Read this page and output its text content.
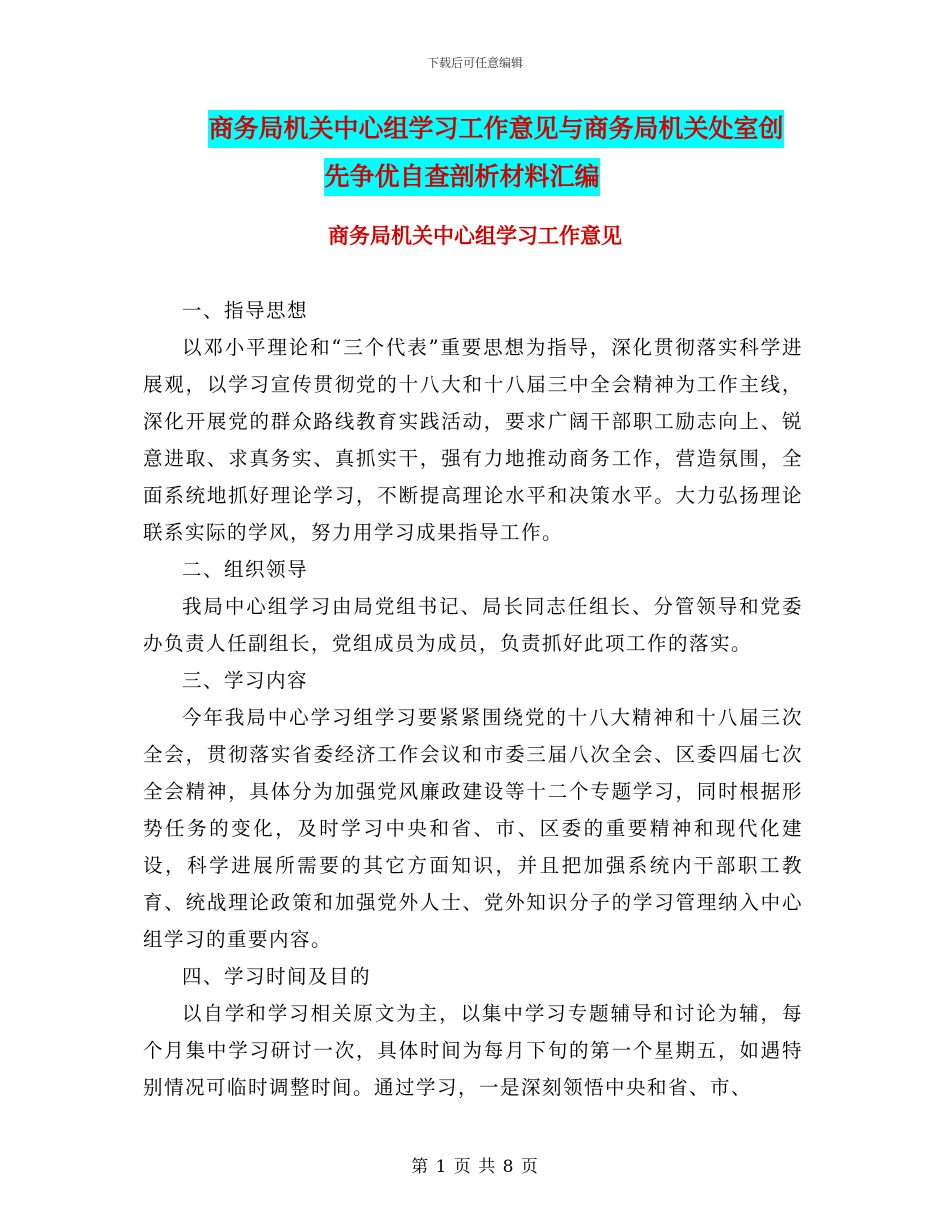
下载后可任意编辑
商务局机关中心组学习工作意见与商务局机关处室创
先争优自查剖析材料汇编
商务局机关中心组学习工作意见

一、指导思想

以邓小平理论和“三个代表”重要思想为指导，深化贯彻落实科学进展观，以学习宣传贯彻党的十八大和十八届三中全会精神为工作主线，深化开展党的群众路线教育实践活动，要求广阔干部职工励志向上、锐意进取、求真务实、真抓实干，强有力地推动商务工作，营造氛围，全面系统地抓好理论学习，不断提高理论水平和决策水平。大力弘扬理论联系实际的学风，努力用学习成果指导工作。

二、组织领导

我局中心组学习由局党组书记、局长同志任组长、分管领导和党委办负责人任副组长，党组成员为成员，负责抓好此项工作的落实。

三、学习内容

今年我局中心学习组学习要紧紧围绕党的十八大精神和十八届三次全会，贯彻落实省委经济工作会议和市委三届八次全会、区委四届七次全会精神，具体分为加强党风廉政建设等十二个专题学习，同时根据形势任务的变化，及时学习中央和省、市、区委的重要精神和现代化建设，科学进展所需要的其它方面知识，并且把加强系统内干部职工教育、统战理论政策和加强党外人士、党外知识分子的学习管理纳入中心组学习的重要内容。

四、学习时间及目的

以自学和学习相关原文为主，以集中学习专题辅导和讨论为辅，每个月集中学习研讨一次，具体时间为每月下旬的第一个星期五，如遇特别情况可临时调整时间。通过学习，一是深刻领悟中央和省、市、

第 1 页 共 8 页
